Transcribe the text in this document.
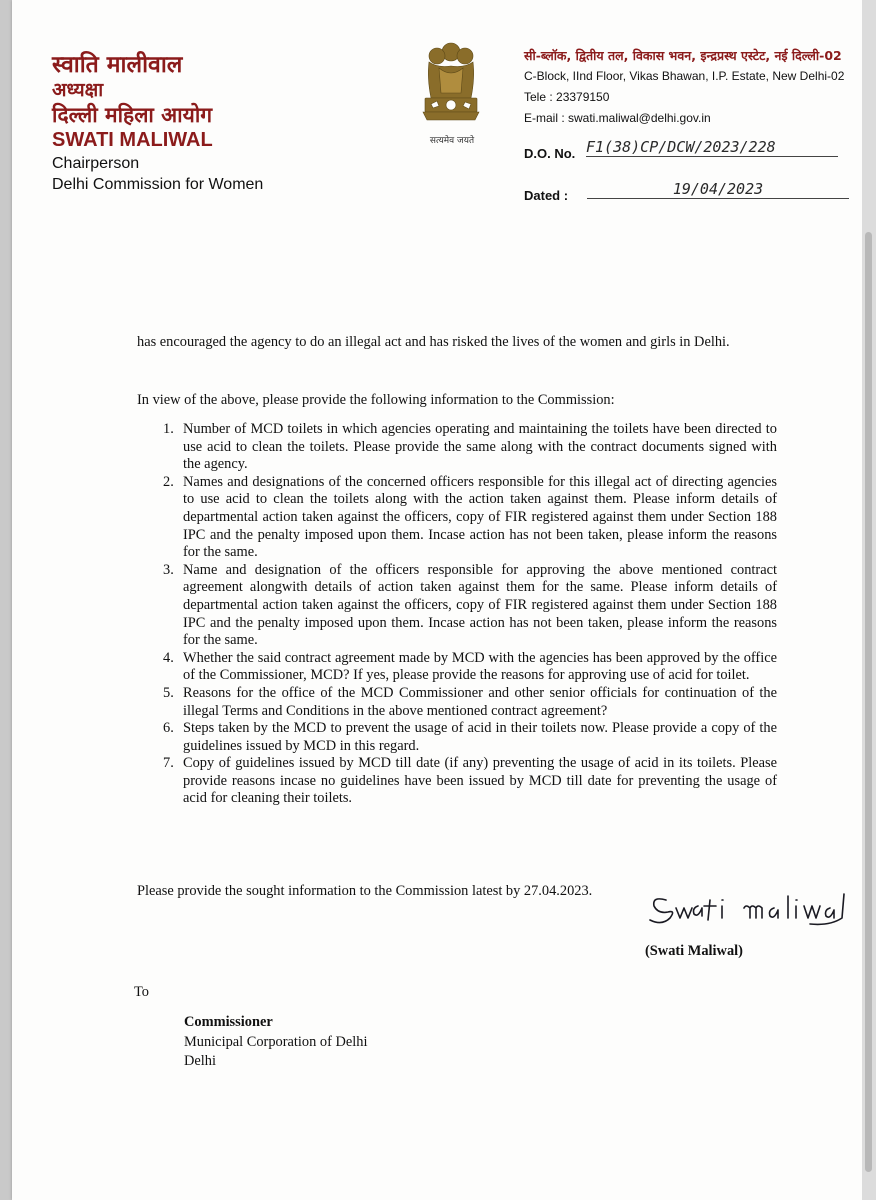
स्वाति मालीवाल
अध्यक्षा
दिल्ली महिला आयोग
SWATI MALIWAL
Chairperson
Delhi Commission for Women
सत्यमेव जयते
सी-ब्लॉक, द्वितीय तल, विकास भवन, इन्द्रप्रस्थ एस्टेट, नई दिल्ली-02
C-Block, IInd Floor, Vikas Bhawan, I.P. Estate, New Delhi-02
Tele : 23379150
E-mail : swati.maliwal@delhi.gov.in
D.O. No. F1(38)CP/DCW/2023/228
Dated :	19/04/2023
has encouraged the agency to do an illegal act and has risked the lives of the women and girls in Delhi.
In view of the above, please provide the following information to the Commission:
1. Number of MCD toilets in which agencies operating and maintaining the toilets have been directed to use acid to clean the toilets. Please provide the same along with the contract documents signed with the agency.
2. Names and designations of the concerned officers responsible for this illegal act of directing agencies to use acid to clean the toilets along with the action taken against them. Please inform details of departmental action taken against the officers, copy of FIR registered against them under Section 188 IPC and the penalty imposed upon them. Incase action has not been taken, please inform the reasons for the same.
3. Name and designation of the officers responsible for approving the above mentioned contract agreement alongwith details of action taken against them for the same. Please inform details of departmental action taken against the officers, copy of FIR registered against them under Section 188 IPC and the penalty imposed upon them. Incase action has not been taken, please inform the reasons for the same.
4. Whether the said contract agreement made by MCD with the agencies has been approved by the office of the Commissioner, MCD? If yes, please provide the reasons for approving use of acid for toilet.
5. Reasons for the office of the MCD Commissioner and other senior officials for continuation of the illegal Terms and Conditions in the above mentioned contract agreement?
6. Steps taken by the MCD to prevent the usage of acid in their toilets now. Please provide a copy of the guidelines issued by MCD in this regard.
7. Copy of guidelines issued by MCD till date (if any) preventing the usage of acid in its toilets. Please provide reasons incase no guidelines have been issued by MCD till date for preventing the usage of acid for cleaning their toilets.
Please provide the sought information to the Commission latest by 27.04.2023.
(Swati Maliwal)
To
Commissioner
Municipal Corporation of Delhi
Delhi
